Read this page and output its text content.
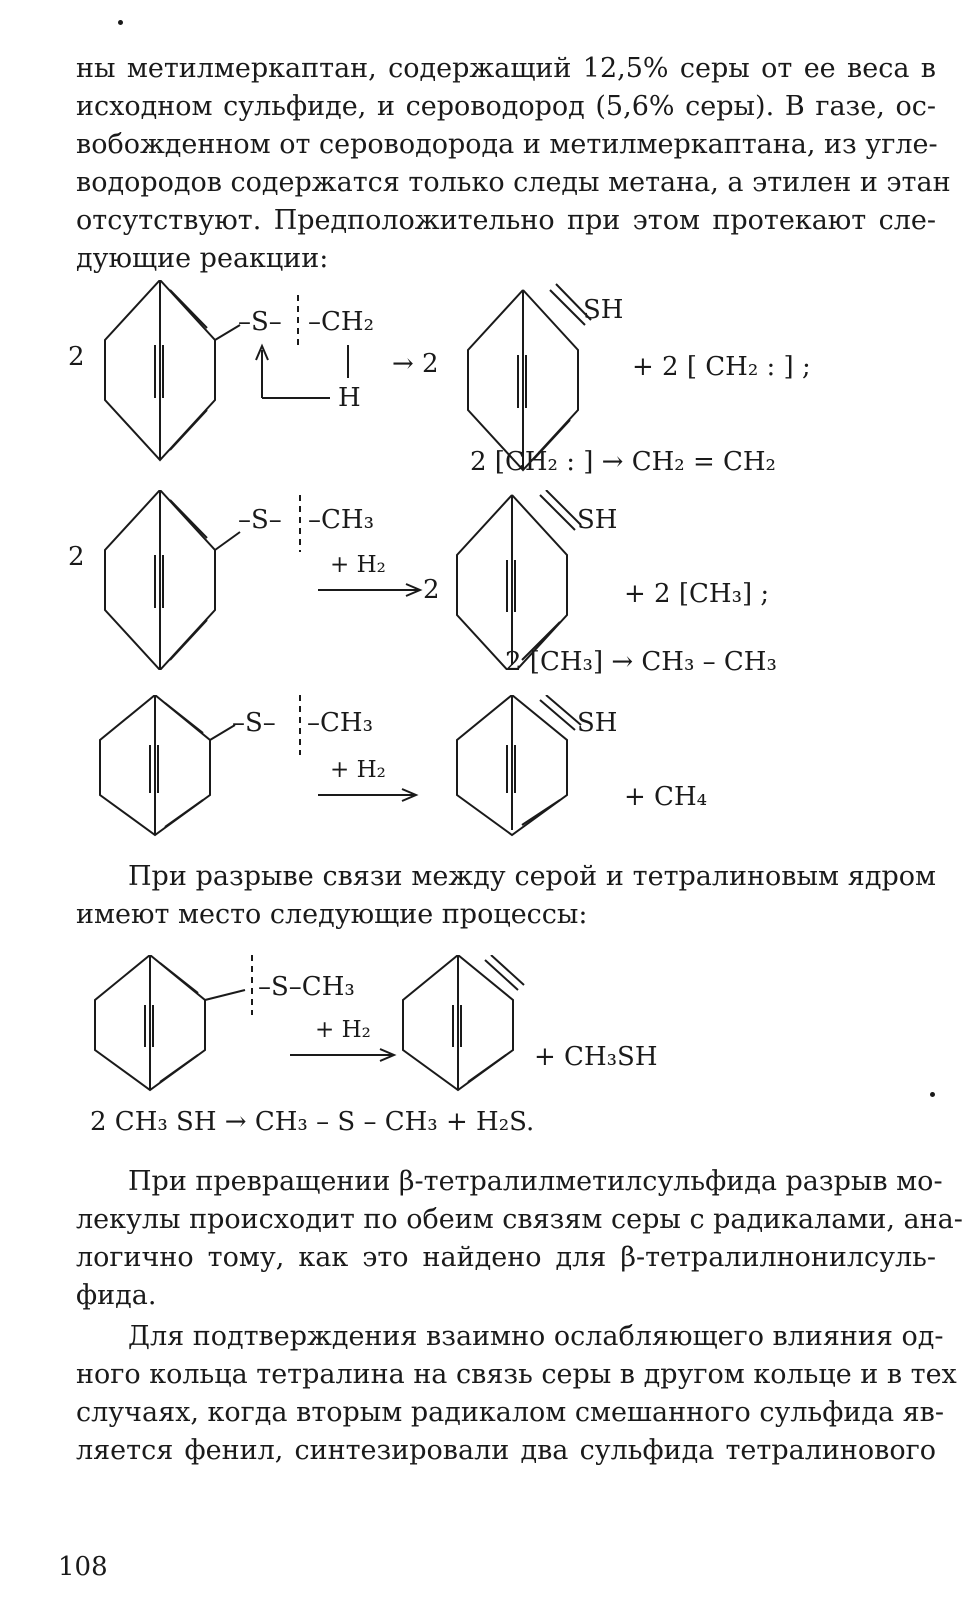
ны метилмеркаптан, содержащий 12,5% серы от ее веса в
исходном сульфиде, и сероводород (5,6% серы). В газе, ос-
вобожденном от сероводорода и метилмеркаптана, из угле-
водородов содержатся только следы метана, а этилен и этан
отсутствуют. Предположительно при этом протекают сле-
дующие реакции:
2
–S– –CH₂
H
→ 2
SH
+ 2 [ CH₂ : ] ;
2 [CH₂ : ] → CH₂ = CH₂
2
–S– –CH₃
+ H₂
2
SH
+ 2 [CH₃] ;
2 [CH₃] → CH₃ – CH₃
–S– –CH₃
+ H₂
SH
+ CH₄
При разрыве связи между серой и тетралиновым ядром
имеют место следующие процессы:
–S–CH₃
+ H₂
+ CH₃SH
2 CH₃ SH → CH₃ – S – CH₃ + H₂S.
При превращении β-тетралилметилсульфида разрыв мо-
лекулы происходит по обеим связям серы с радикалами, ана-
логично тому, как это найдено для β-тетралилнонилсуль-
фида.
Для подтверждения взаимно ослабляющего влияния од-
ного кольца тетралина на связь серы в другом кольце и в тех
случаях, когда вторым радикалом смешанного сульфида яв-
ляется фенил, синтезировали два сульфида тетралинового
108
